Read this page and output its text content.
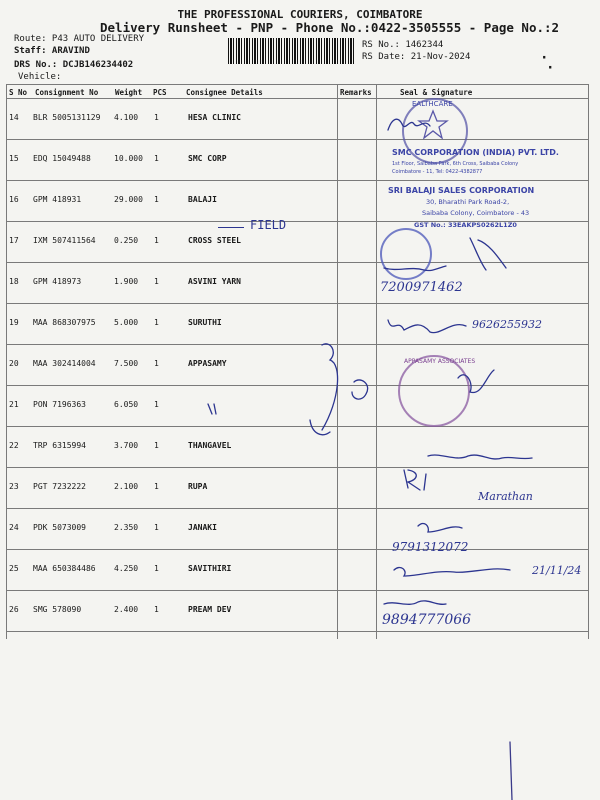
THE PROFESSIONAL COURIERS, COIMBATORE
Delivery Runsheet - PNP - Phone No.:0422-3505555 - Page No.:2
Route: P43 AUTO DELIVERY
Staff: ARAVIND
DRS No.: DCJB146234402
Vehicle:
RS No.: 1462344
RS Date: 21-Nov-2024	·
·
S No Consignment No Weight PCS	Consignee Details	Remarks	Seal & Signature
14 BLR 5005131129 4.100 1	HESA CLINIC
15 EDQ 15049488	10.000 1	SMC CORP
16 GPM 418931	29.000 1	BALAJI
17 IXM 507411564 0.250 1	CROSS STEEL
18 GPM 418973	1.900 1	ASVINI YARN
19 MAA 868307975 5.000 1	SURUTHI
20 MAA 302414004 7.500 1	APPASAMY
21 PON 7196363	6.050 1
22 TRP 6315994	3.700 1	THANGAVEL
23 PGT 7232222	2.100 1	RUPA
24 PDK 5073009	2.350 1	JANAKI
25 MAA 650384486 4.250 1	SAVITHIRI
26 SMG 578090	2.400 1	PREAM DEV
EALTHCARE
SMC CORPORATION (INDIA) PVT. LTD.
1st Floor, Saibaba Park, 6th Cross, Saibaba Colony
Coimbatore - 11, Tel: 0422-4382877
SRI BALAJI SALES CORPORATION
30, Bharathi Park Road-2,
Saibaba Colony, Coimbatore - 43
GST No.: 33EAKPS0262L1Z0
APPASAMY ASSOCIATES
FIELD
7200971462
9626255932
Marathan
9791312072
21/11/24
9894777066
